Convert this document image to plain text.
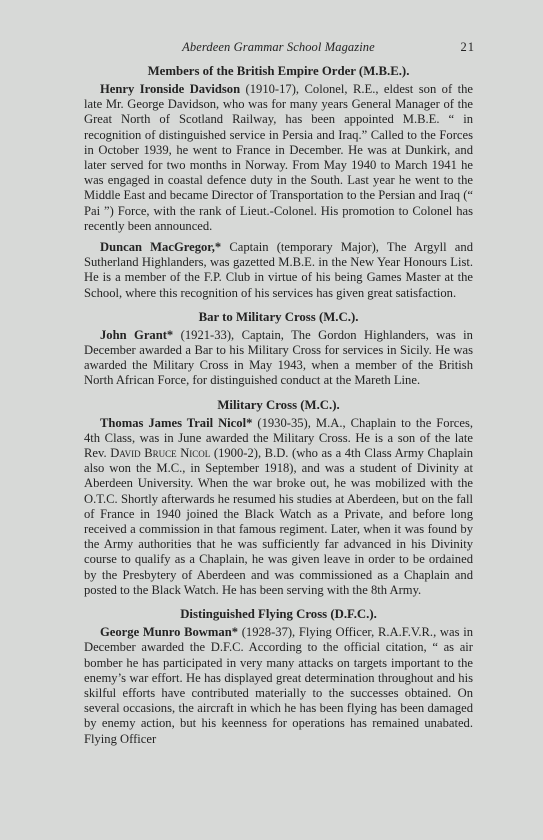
Aberdeen Grammar School Magazine	21
Members of the British Empire Order (M.B.E.).

Henry Ironside Davidson (1910-17), Colonel, R.E., eldest son of the late Mr. George Davidson, who was for many years General Manager of the Great North of Scotland Railway, has been appointed M.B.E. “ in recognition of distinguished service in Persia and Iraq.” Called to the Forces in October 1939, he went to France in December. He was at Dunkirk, and later served for two months in Norway. From May 1940 to March 1941 he was engaged in coastal defence duty in the South. Last year he went to the Middle East and became Director of Transportation to the Persian and Iraq (“ Pai ”) Force, with the rank of Lieut.-Colonel. His promotion to Colonel has recently been announced.

Duncan MacGregor,* Captain (temporary Major), The Argyll and Sutherland Highlanders, was gazetted M.B.E. in the New Year Honours List. He is a member of the F.P. Club in virtue of his being Games Master at the School, where this recognition of his services has given great satisfaction.

Bar to Military Cross (M.C.).

John Grant* (1921-33), Captain, The Gordon Highlanders, was in December awarded a Bar to his Military Cross for services in Sicily. He was awarded the Military Cross in May 1943, when a member of the British North African Force, for distinguished conduct at the Mareth Line.

Military Cross (M.C.).

Thomas James Trail Nicol* (1930-35), M.A., Chaplain to the Forces, 4th Class, was in June awarded the Military Cross. He is a son of the late Rev. David Bruce Nicol (1900-2), B.D. (who as a 4th Class Army Chaplain also won the M.C., in September 1918), and was a student of Divinity at Aberdeen University. When the war broke out, he was mobilized with the O.T.C. Shortly afterwards he resumed his studies at Aberdeen, but on the fall of France in 1940 joined the Black Watch as a Private, and before long received a commission in that famous regiment. Later, when it was found by the Army authorities that he was sufficiently far advanced in his Divinity course to qualify as a Chaplain, he was given leave in order to be ordained by the Presbytery of Aberdeen and was commissioned as a Chaplain and posted to the Black Watch. He has been serving with the 8th Army.

Distinguished Flying Cross (D.F.C.).

George Munro Bowman* (1928-37), Flying Officer, R.A.F.V.R., was in December awarded the D.F.C. According to the official citation, “ as air bomber he has participated in very many attacks on targets important to the enemy’s war effort. He has displayed great determination throughout and his skilful efforts have contributed materially to the successes obtained. On several occasions, the aircraft in which he has been flying has been damaged by enemy action, but his keenness for operations has remained unabated. Flying Officer
